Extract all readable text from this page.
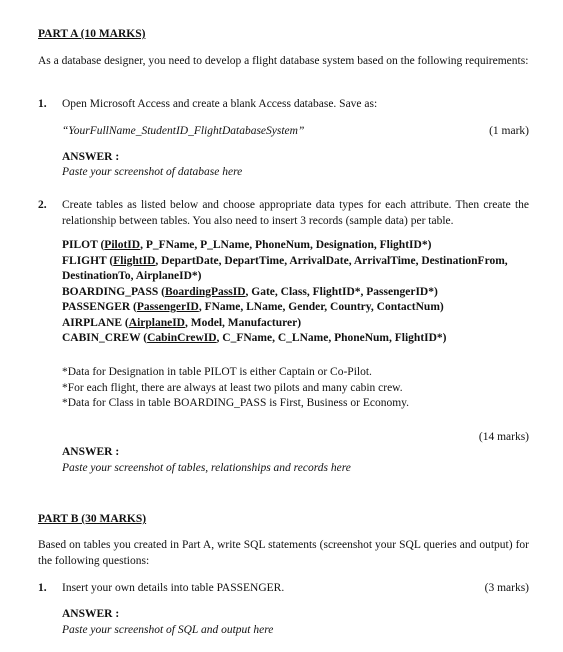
PART A (10 MARKS)
As a database designer, you need to develop a flight database system based on the following requirements:
1. Open Microsoft Access and create a blank Access database. Save as:
“YourFullName_StudentID_FlightDatabaseSystem”	(1 mark)
ANSWER :
Paste your screenshot of database here
2. Create tables as listed below and choose appropriate data types for each attribute. Then create the relationship between tables. You also need to insert 3 records (sample data) per table.
PILOT (PilotID, P_FName, P_LName, PhoneNum, Designation, FlightID*)
FLIGHT (FlightID, DepartDate, DepartTime, ArrivalDate, ArrivalTime, DestinationFrom,
DestinationTo, AirplaneID*)
BOARDING_PASS (BoardingPassID, Gate, Class, FlightID*, PassengerID*)
PASSENGER (PassengerID, FName, LName, Gender, Country, ContactNum)
AIRPLANE (AirplaneID, Model, Manufacturer)
CABIN_CREW (CabinCrewID, C_FName, C_LName, PhoneNum, FlightID*)
*Data for Designation in table PILOT is either Captain or Co-Pilot.
*For each flight, there are always at least two pilots and many cabin crew.
*Data for Class in table BOARDING_PASS is First, Business or Economy.
(14 marks)
ANSWER :
Paste your screenshot of tables, relationships and records here
PART B (30 MARKS)
Based on tables you created in Part A, write SQL statements (screenshot your SQL queries and output) for the following questions:
1. Insert your own details into table PASSENGER.	(3 marks)
ANSWER :
Paste your screenshot of SQL and output here
